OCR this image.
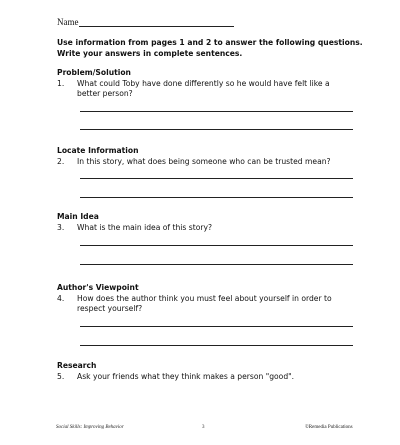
Name
Use information from pages 1 and 2 to answer the following questions.
Write your answers in complete sentences.
Problem/Solution
1. What could Toby have done differently so he would have felt like a
better person?
Locate Information
2. In this story, what does being someone who can be trusted mean?
Main Idea
3. What is the main idea of this story?
Author's Viewpoint
4. How does the author think you must feel about yourself in order to
respect yourself?
Research
5. Ask your friends what they think makes a person "good".
Social Skills: Improving Behavior	3	©Remedia Publications
